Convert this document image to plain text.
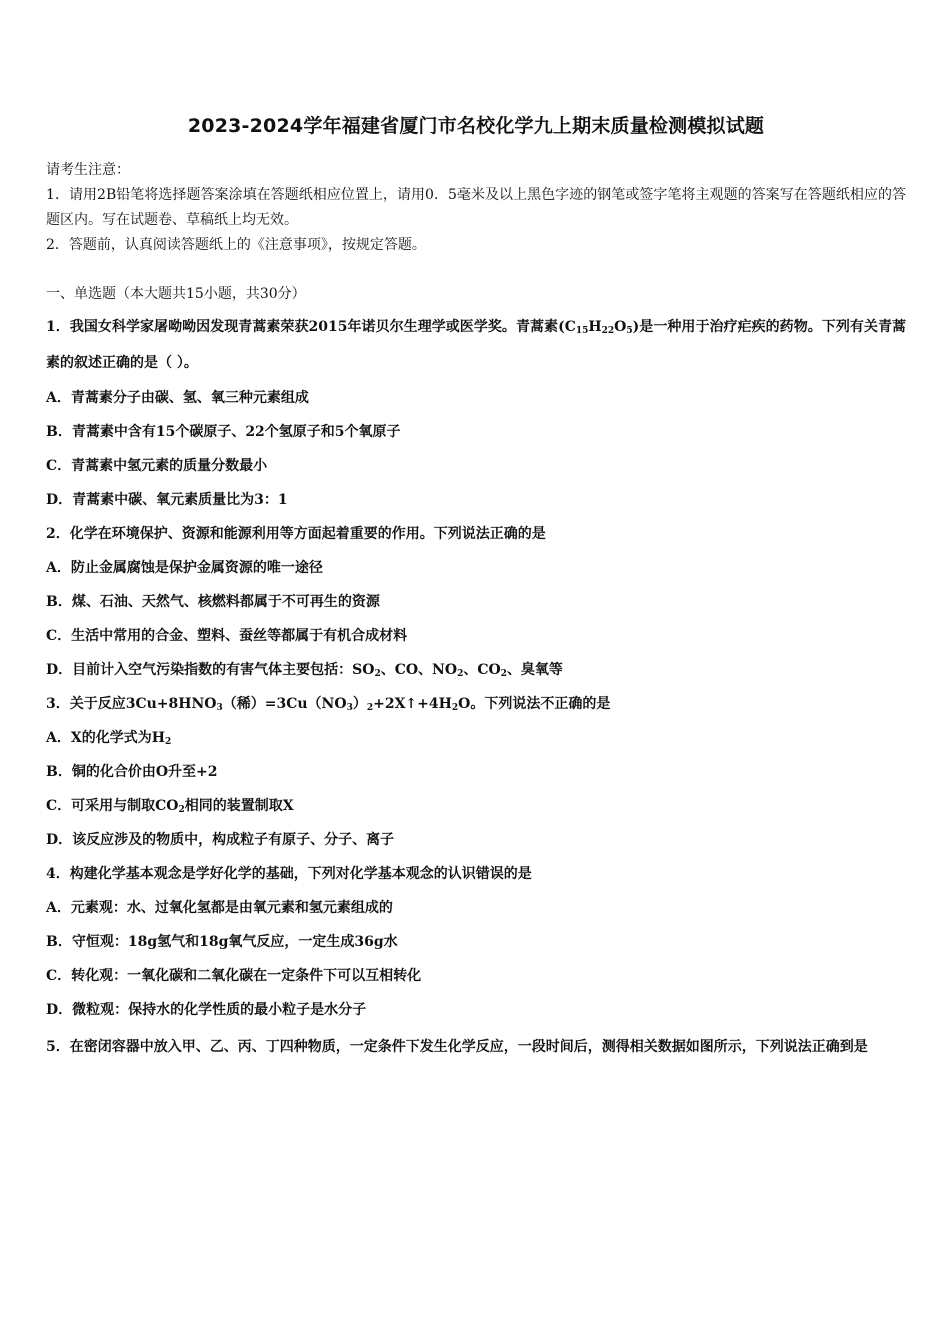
2023-2024学年福建省厦门市名校化学九上期末质量检测模拟试题

请考生注意：

1．请用2B铅笔将选择题答案涂填在答题纸相应位置上，请用0．5毫米及以上黑色字迹的钢笔或签字笔将主观题的答案写在答题纸相应的答题区内。写在试题卷、草稿纸上均无效。

2．答题前，认真阅读答题纸上的《注意事项》，按规定答题。

一、单选题（本大题共15小题，共30分）

1．我国女科学家屠呦呦因发现青蒿素荣获2015年诺贝尔生理学或医学奖。青蒿素$(C_{15}H_{22}O_5)$是一种用于治疗疟疾的药物。下列有关青蒿素的叙述正确的是（ ）。

A．青蒿素分子由碳、氢、氧三种元素组成

B．青蒿素中含有15个碳原子、22个氢原子和5个氧原子

C．青蒿素中氢元素的质量分数最小

D．青蒿素中碳、氧元素质量比为3：1

2．化学在环境保护、资源和能源利用等方面起着重要的作用。下列说法正确的是

A．防止金属腐蚀是保护金属资源的唯一途径

B．煤、石油、天然气、核燃料都属于不可再生的资源

C．生活中常用的合金、塑料、蚕丝等都属于有机合成材料

D．目前计入空气污染指数的有害气体主要包括：$SO_2$、CO、$NO_2$、$CO_2$、臭氧等

3．关于反应$3Cu+8HNO_3$（稀）$=3Cu(NO_3)_2+2X↑+4H_2O$。下列说法不正确的是

A．X的化学式为$H_2$

B．铜的化合价由O升至+2

C．可采用与制取$CO_2$相同的装置制取X

D．该反应涉及的物质中，构成粒子有原子、分子、离子

4．构建化学基本观念是学好化学的基础，下列对化学基本观念的认识错误的是

A．元素观：水、过氧化氢都是由氧元素和氢元素组成的

B．守恒观：18g氢气和18g氧气反应，一定生成36g水

C．转化观：一氧化碳和二氧化碳在一定条件下可以互相转化

D．微粒观：保持水的化学性质的最小粒子是水分子

5．在密闭容器中放入甲、乙、丙、丁四种物质，一定条件下发生化学反应，一段时间后，测得相关数据如图所示，下列说法正确到是
